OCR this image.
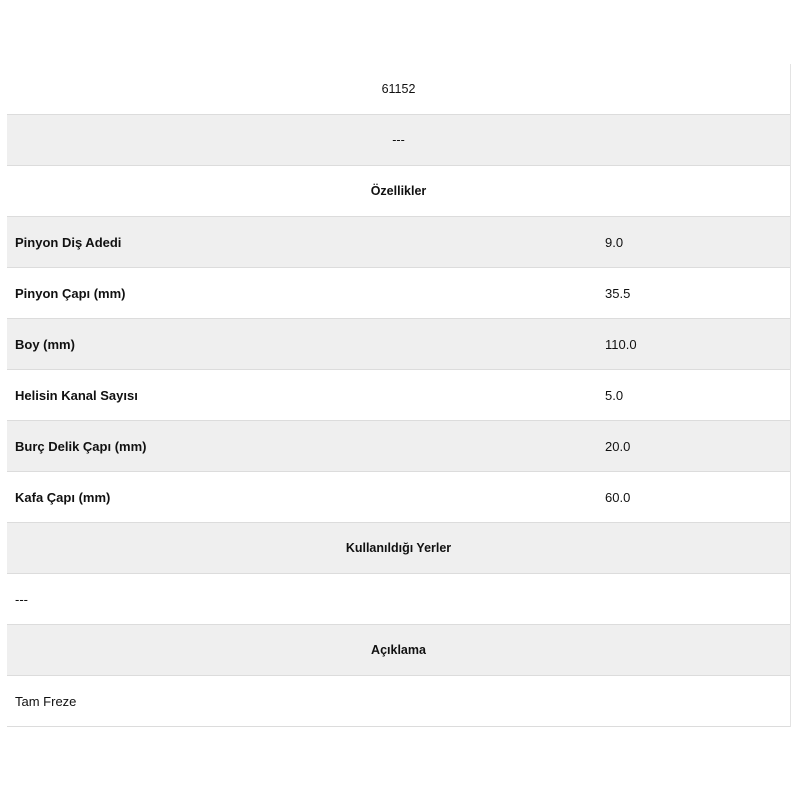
61152
---
Özellikler
Pinyon Diş Adedi	9.0
Pinyon Çapı (mm)	35.5
Boy (mm)	110.0
Helisin Kanal Sayısı	5.0
Burç Delik Çapı (mm)	20.0
Kafa Çapı (mm)	60.0
Kullanıldığı Yerler
---
Açıklama
Tam Freze
